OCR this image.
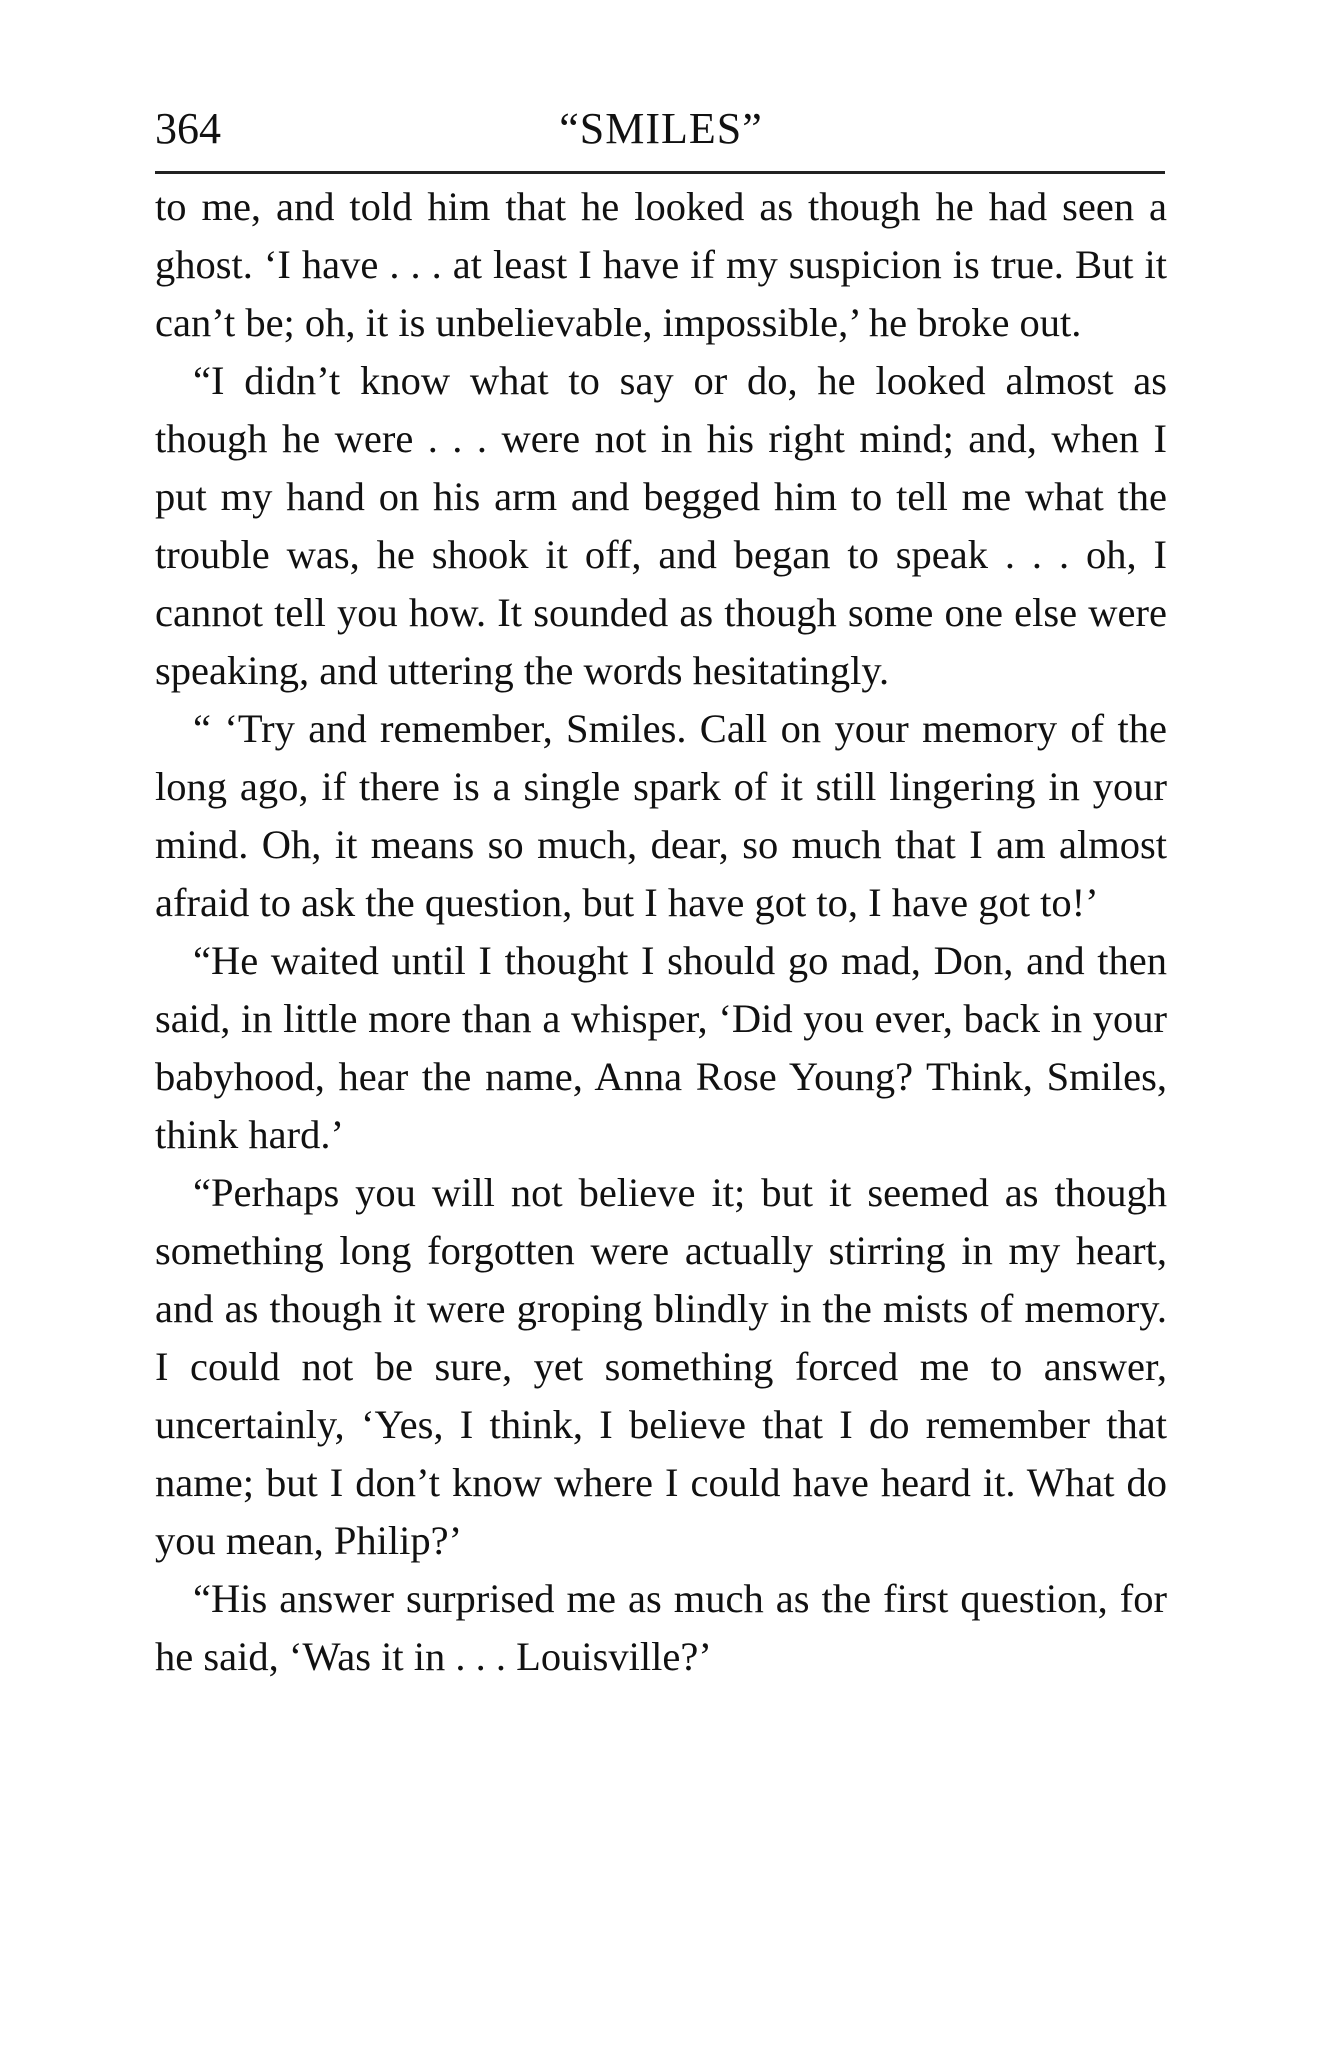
364	“SMILES”

to me, and told him that he looked as though he had seen a ghost. ‘I have . . . at least I have if my suspicion is true. But it can’t be; oh, it is unbelievable, impossible,’ he broke out.

“I didn’t know what to say or do, he looked almost as though he were . . . were not in his right mind; and, when I put my hand on his arm and begged him to tell me what the trouble was, he shook it off, and began to speak . . . oh, I cannot tell you how. It sounded as though some one else were speaking, and uttering the words hesitatingly.

“ ‘Try and remember, Smiles. Call on your memory of the long ago, if there is a single spark of it still lingering in your mind. Oh, it means so much, dear, so much that I am almost afraid to ask the question, but I have got to, I have got to!’

“He waited until I thought I should go mad, Don, and then said, in little more than a whisper, ‘Did you ever, back in your babyhood, hear the name, Anna Rose Young? Think, Smiles, think hard.’

“Perhaps you will not believe it; but it seemed as though something long forgotten were actually stirring in my heart, and as though it were groping blindly in the mists of memory. I could not be sure, yet something forced me to answer, uncertainly, ‘Yes, I think, I believe that I do remember that name; but I don’t know where I could have heard it. What do you mean, Philip?’

“His answer surprised me as much as the first question, for he said, ‘Was it in . . . Louisville?’
